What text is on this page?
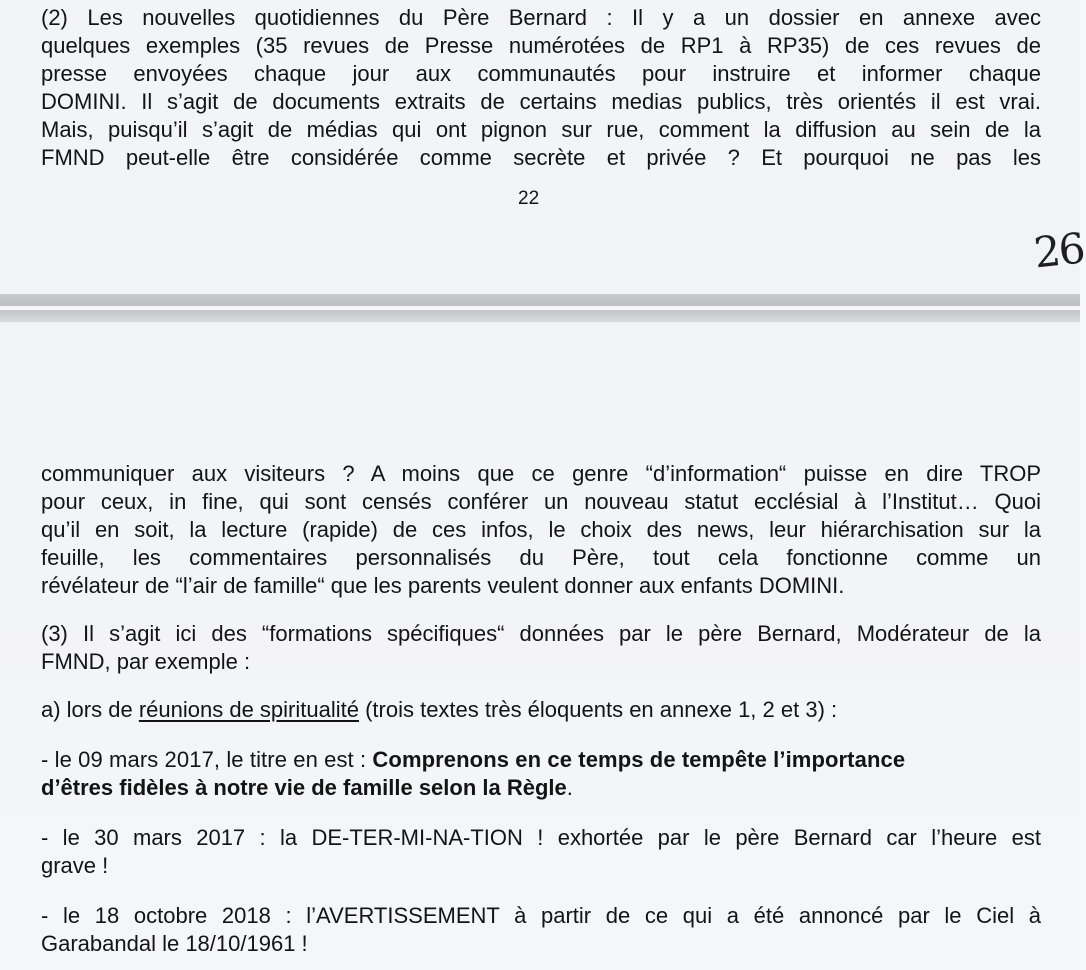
(2) Les nouvelles quotidiennes du Père Bernard : Il y a un dossier en annexe avec

quelques exemples (35 revues de Presse numérotées de RP1 à RP35) de ces revues de

presse envoyées chaque jour aux communautés pour instruire et informer chaque

DOMINI. Il s’agit de documents extraits de certains medias publics, très orientés il est vrai.

Mais, puisqu’il s’agit de médias qui ont pignon sur rue, comment la diffusion au sein de la

FMND peut-elle être considérée comme secrète et privée ? Et pourquoi ne pas les

22
26

communiquer aux visiteurs ? A moins que ce genre “d’information“ puisse en dire TROP

pour ceux, in fine, qui sont censés conférer un nouveau statut ecclésial à l’Institut… Quoi

qu’il en soit, la lecture (rapide) de ces infos, le choix des news, leur hiérarchisation sur la

feuille, les commentaires personnalisés du Père, tout cela fonctionne comme un

révélateur de “l’air de famille“ que les parents veulent donner aux enfants DOMINI.

(3) Il s’agit ici des “formations spécifiques“ données par le père Bernard, Modérateur de la

FMND, par exemple :

a) lors de réunions de spiritualité (trois textes très éloquents en annexe 1, 2 et 3) :

- le 09 mars 2017, le titre en est : Comprenons en ce temps de tempête l’importance

d’êtres fidèles à notre vie de famille selon la Règle.

- le 30 mars 2017 : la DE-TER-MI-NA-TION ! exhortée par le père Bernard car l’heure est

grave !

- le 18 octobre 2018 : l’AVERTISSEMENT à partir de ce qui a été annoncé par le Ciel à

Garabandal le 18/10/1961 !
